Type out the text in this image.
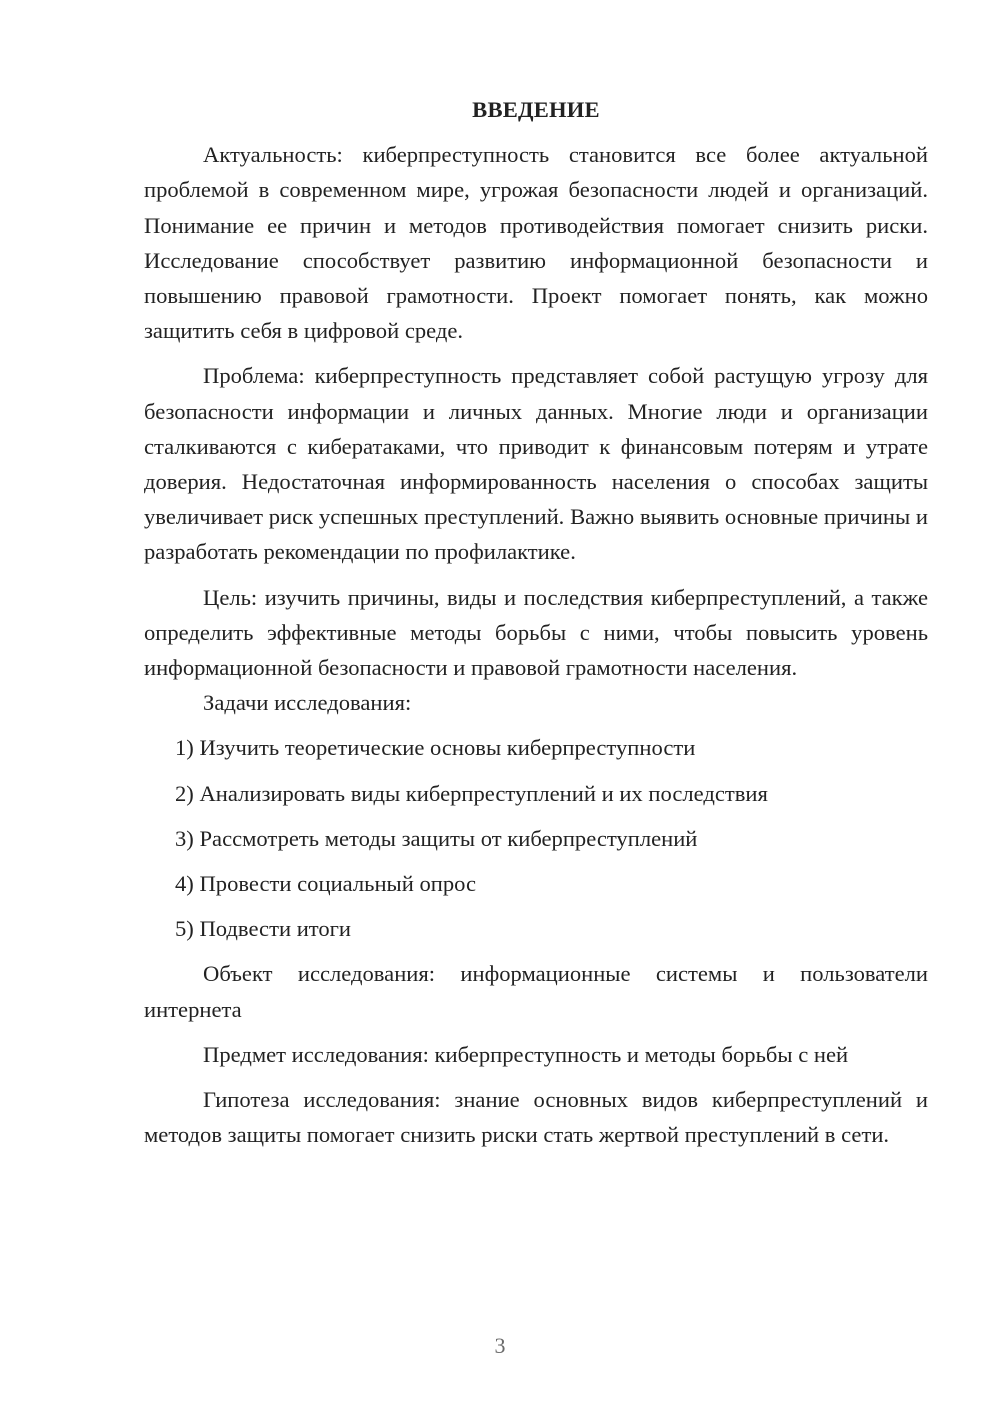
ВВЕДЕНИЕ

Актуальность: киберпреступность становится все более актуальной проблемой в современном мире, угрожая безопасности людей и организаций. Понимание ее причин и методов противодействия помогает снизить риски. Исследование способствует развитию информационной безопасности и повышению правовой грамотности. Проект помогает понять, как можно защитить себя в цифровой среде.

Проблема: киберпреступность представляет собой растущую угрозу для безопасности информации и личных данных. Многие люди и организации сталкиваются с кибератаками, что приводит к финансовым потерям и утрате доверия. Недостаточная информированность населения о способах защиты увеличивает риск успешных преступлений. Важно выявить основные причины и разработать рекомендации по профилактике.

Цель: изучить причины, виды и последствия киберпреступлений, а также определить эффективные методы борьбы с ними, чтобы повысить уровень информационной безопасности и правовой грамотности населения.

Задачи исследования:

1) Изучить теоретические основы киберпреступности
2) Анализировать виды киберпреступлений и их последствия
3) Рассмотреть методы защиты от киберпреступлений
4) Провести социальный опрос
5) Подвести итоги

Объект исследования: информационные системы и пользователи интернета

Предмет исследования: киберпреступность и методы борьбы с ней

Гипотеза исследования: знание основных видов киберпреступлений и методов защиты помогает снизить риски стать жертвой преступлений в сети.

3
